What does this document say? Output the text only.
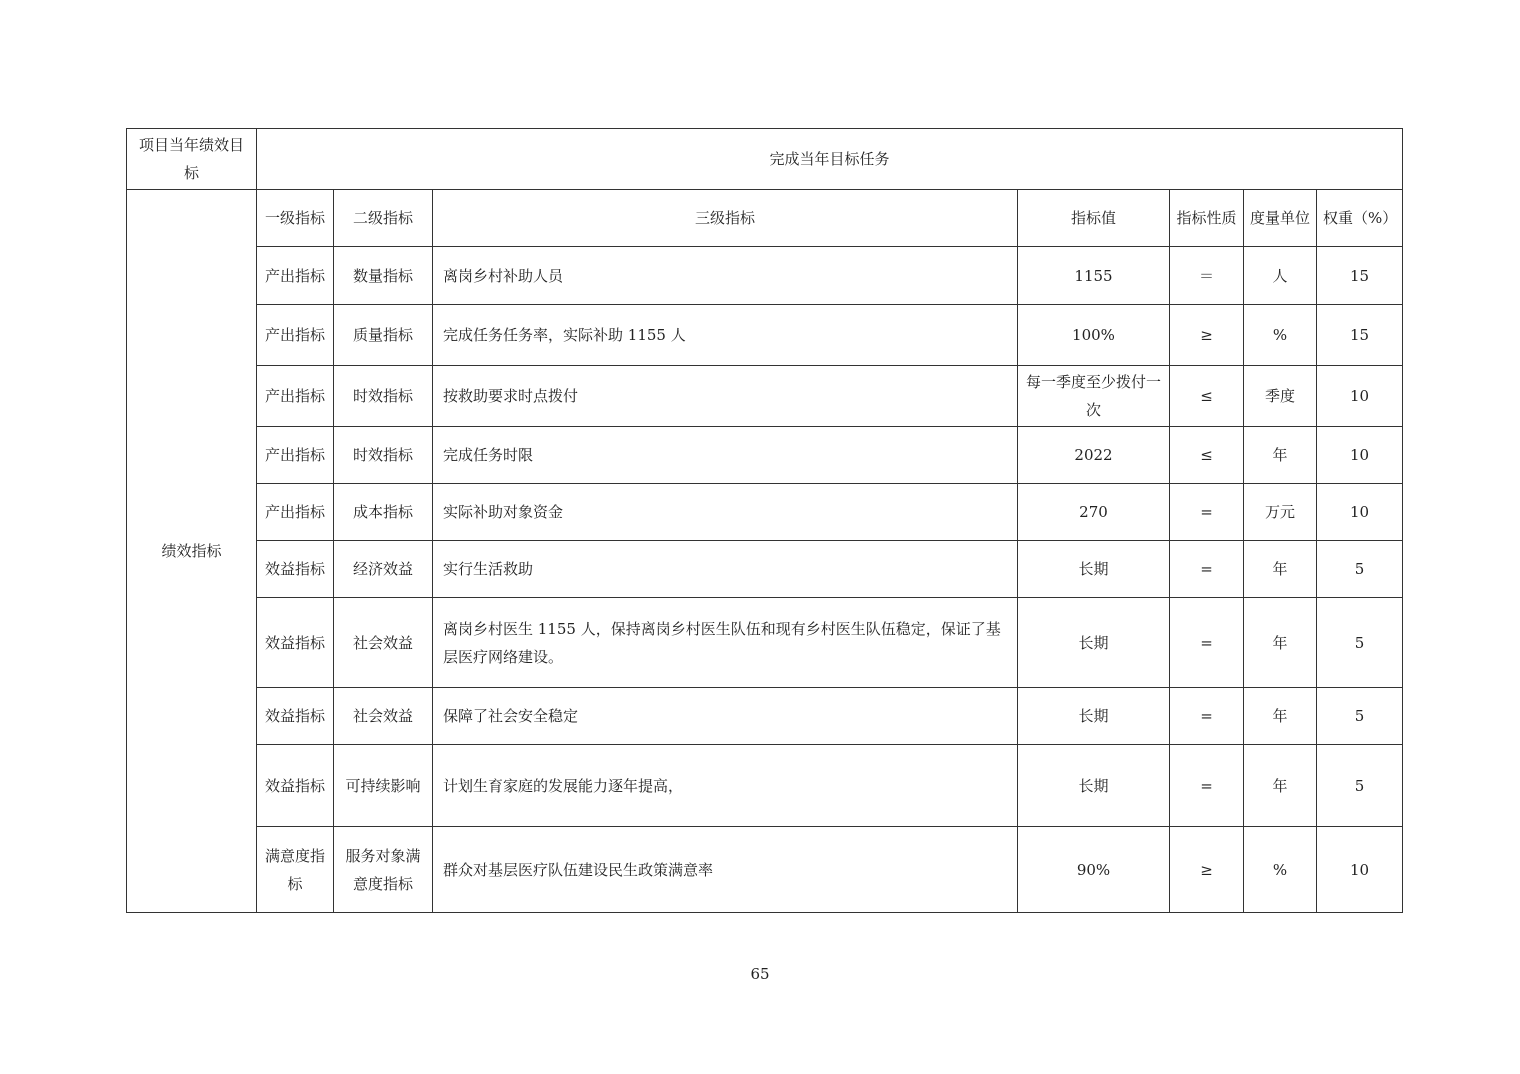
项目当年绩效目标	完成当年目标任务						
绩效指标	一级指标	二级指标	三级指标	指标值	指标性质	度量单位	权重（%）
	产出指标	数量指标	离岗乡村补助人员	1155	＝	人	15
	产出指标	质量指标	完成任务任务率，实际补助 1155 人	100%	≥	%	15
	产出指标	时效指标	按救助要求时点拨付	每一季度至少拨付一次	≤	季度	10
	产出指标	时效指标	完成任务时限	2022	≤	年	10
	产出指标	成本指标	实际补助对象资金	270	=	万元	10
	效益指标	经济效益	实行生活救助	长期	=	年	5
	效益指标	社会效益	离岗乡村医生 1155 人，保持离岗乡村医生队伍和现有乡村医生队伍稳定，保证了基层医疗网络建设。	长期	=	年	5
	效益指标	社会效益	保障了社会安全稳定	长期	=	年	5
	效益指标	可持续影响	计划生育家庭的发展能力逐年提高，	长期	=	年	5
	满意度指标	服务对象满意度指标	群众对基层医疗队伍建设民生政策满意率	90%	≥	%	10
65
